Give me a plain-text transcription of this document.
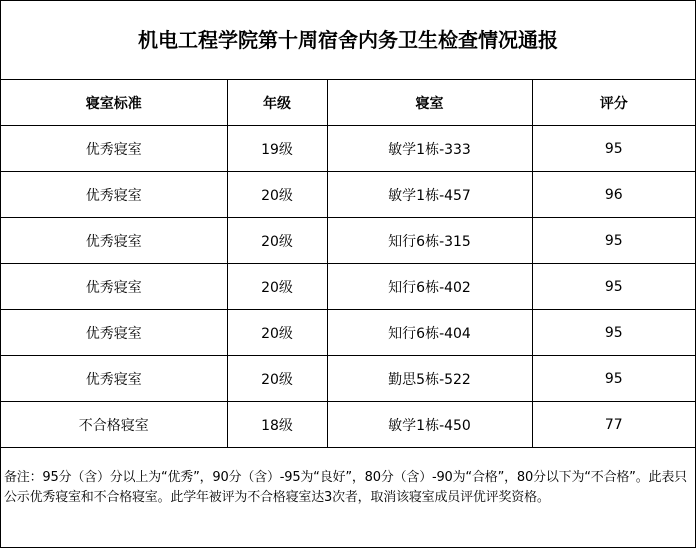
机电工程学院第十周宿舍内务卫生检查情况通报
寝室标准	年级	寝室	评分
优秀寝室	19级	敏学1栋-333	95
优秀寝室	20级	敏学1栋-457	96
优秀寝室	20级	知行6栋-315	95
优秀寝室	20级	知行6栋-402	95
优秀寝室	20级	知行6栋-404	95
优秀寝室	20级	勤思5栋-522	95
不合格寝室	18级	敏学1栋-450	77
备注：95分（含）分以上为“优秀”，90分（含）-95为“良好”，80分（含）-90为“合格”，80分以下为“不合格”。此表只公示优秀寝室和不合格寝室。此学年被评为不合格寝室达3次者，取消该寝室成员评优评奖资格。
